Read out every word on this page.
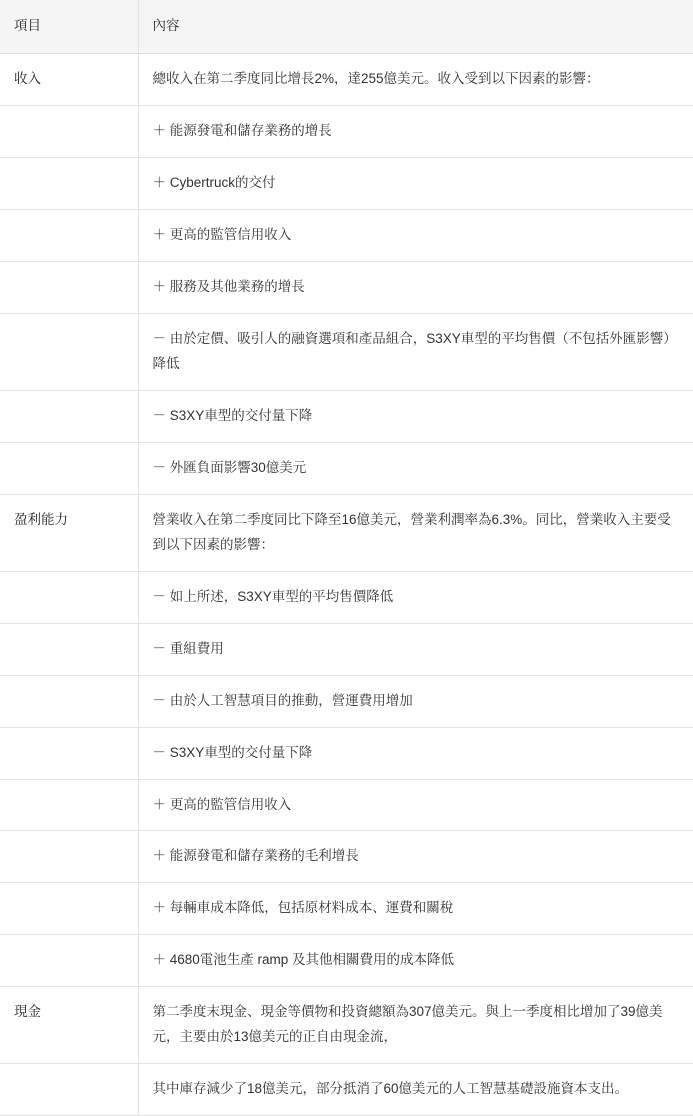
項目	內容
收入	總收入在第二季度同比增長2%，達255億美元。收入受到以下因素的影響：
	＋ 能源發電和儲存業務的增長
	＋ Cybertruck的交付
	＋ 更高的監管信用收入
	＋ 服務及其他業務的增長
	－ 由於定價、吸引人的融資選項和產品組合，S3XY車型的平均售價（不包括外匯影響）降低
	－ S3XY車型的交付量下降
	－ 外匯負面影響30億美元
盈利能力	營業收入在第二季度同比下降至16億美元，營業利潤率為6.3%。同比，營業收入主要受到以下因素的影響：
	－ 如上所述，S3XY車型的平均售價降低
	－ 重組費用
	－ 由於人工智慧項目的推動，營運費用增加
	－ S3XY車型的交付量下降
	＋ 更高的監管信用收入
	＋ 能源發電和儲存業務的毛利增長
	＋ 每輛車成本降低，包括原材料成本、運費和關稅
	＋ 4680電池生產 ramp 及其他相關費用的成本降低
現金	第二季度末現金、現金等價物和投資總額為307億美元。與上一季度相比增加了39億美元，主要由於13億美元的正自由現金流，
	其中庫存減少了18億美元，部分抵消了60億美元的人工智慧基礎設施資本支出。
